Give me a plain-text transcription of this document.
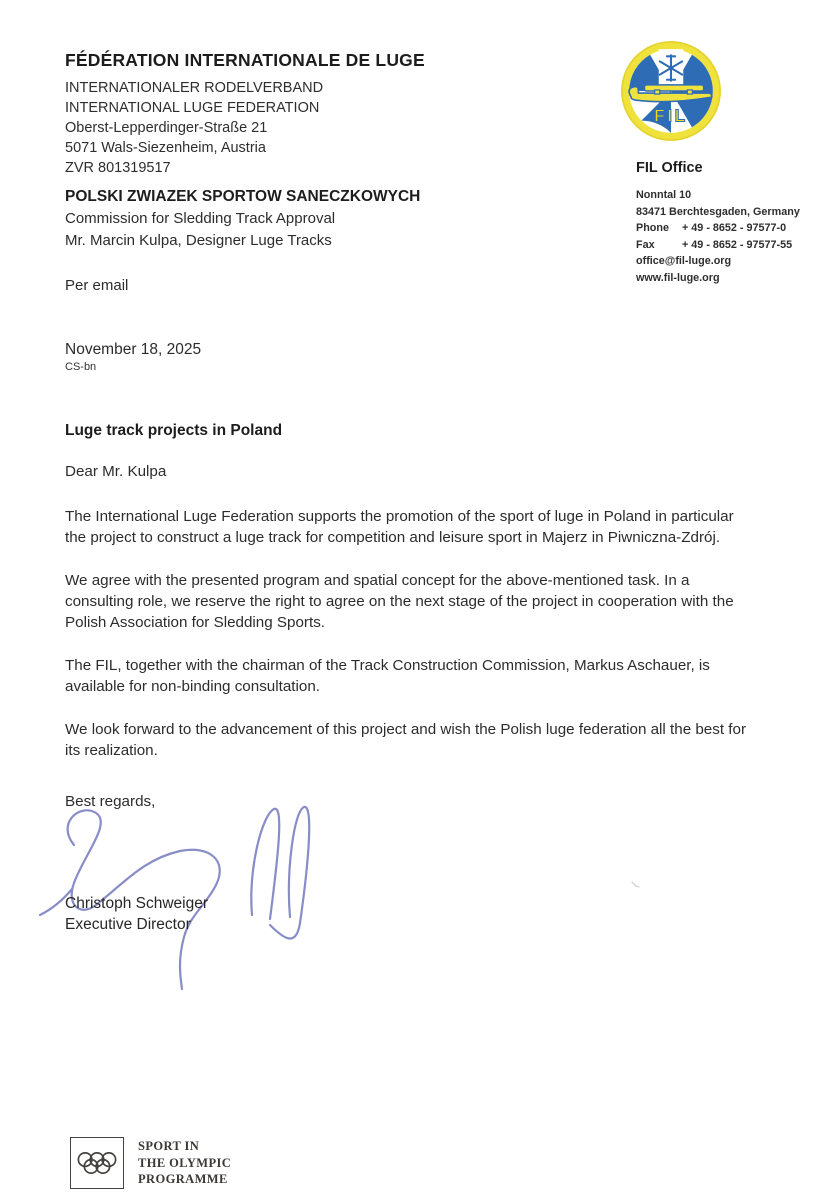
FÉDÉRATION INTERNATIONALE DE LUGE
INTERNATIONALER RODELVERBAND
INTERNATIONAL LUGE FEDERATION
Oberst-Lepperdinger-Straße 21
5071 Wals-Siezenheim, Austria
ZVR 801319517
FIL
FIL Office
Nonntal 10
83471 Berchtesgaden, Germany
Phone	+ 49 - 8652 - 97577-0
Fax	+ 49 - 8652 - 97577-55
office@fil-luge.org
www.fil-luge.org
POLSKI ZWIAZEK SPORTOW SANECZKOWYCH
Commission for Sledding Track Approval
Mr. Marcin Kulpa, Designer Luge Tracks
Per email
November 18, 2025
CS-bn
Luge track projects in Poland
Dear Mr. Kulpa

The International Luge Federation supports the promotion of the sport of luge in Poland in particular the project to construct a luge track for competition and leisure sport in Majerz in Piwniczna-Zdrój.

We agree with the presented program and spatial concept for the above-mentioned task. In a consulting role, we reserve the right to agree on the next stage of the project in cooperation with the Polish Association for Sledding Sports.

The FIL, together with the chairman of the Track Construction Commission, Markus Aschauer, is available for non-binding consultation.

We look forward to the advancement of this project and wish the Polish luge federation all the best for its realization.

Best regards,
Christoph Schweiger
Executive Director
SPORT IN
THE OLYMPIC
PROGRAMME
